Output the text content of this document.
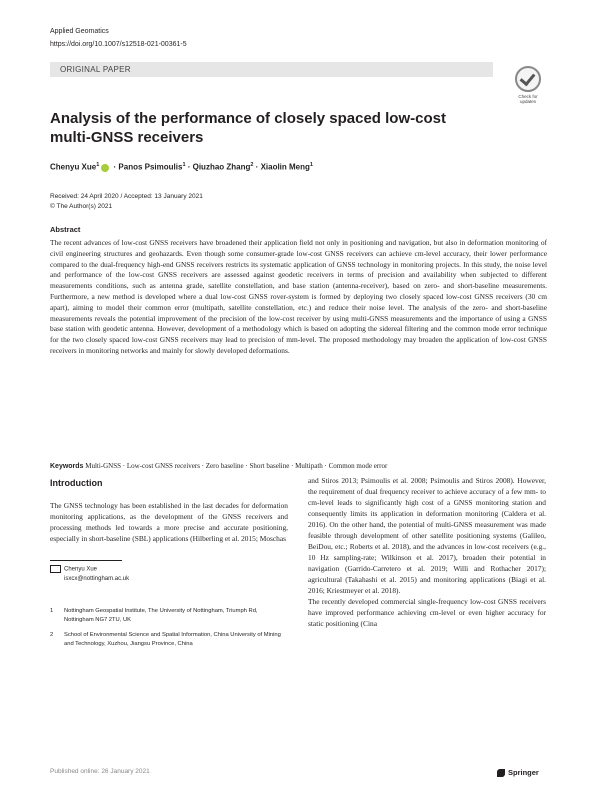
Applied Geomatics
https://doi.org/10.1007/s12518-021-00361-5
ORIGINAL PAPER
Check for updates
Analysis of the performance of closely spaced low-cost multi-GNSS receivers
Chenyu Xue$^1$ · Panos Psimoulis$^1$ · Qiuzhao Zhang$^2$ · Xiaolin Meng$^1$
Received: 24 April 2020 / Accepted: 13 January 2021
© The Author(s) 2021
Abstract
The recent advances of low-cost GNSS receivers have broadened their application field not only in positioning and navigation, but also in deformation monitoring of civil engineering structures and geohazards. Even though some consumer-grade low-cost GNSS receivers can achieve cm-level accuracy, their lower performance compared to the dual-frequency high-end GNSS receivers restricts its systematic application of GNSS technology in monitoring projects. In this study, the noise level and performance of the low-cost GNSS receivers are assessed against geodetic receivers in terms of precision and availability when subjected to different measurements conditions, such as antenna grade, satellite constellation, and base station (antenna-receiver), based on zero- and short-baseline measurements. Furthermore, a new method is developed where a dual low-cost GNSS rover-system is formed by deploying two closely spaced low-cost GNSS receivers (30 cm apart), aiming to model their common error (multipath, satellite constellation, etc.) and reduce their noise level. The analysis of the zero- and short-baseline measurements reveals the potential improvement of the precision of the low-cost receiver by using multi-GNSS measurements and the importance of using a GNSS base station with geodetic antenna. However, development of a methodology which is based on adopting the sidereal filtering and the common mode error technique for the two closely spaced low-cost GNSS receivers may lead to precision of mm-level. The proposed methodology may broaden the application of low-cost GNSS receivers in monitoring networks and mainly for slowly developed deformations.
Keywords Multi-GNSS · Low-cost GNSS receivers · Zero baseline · Short baseline · Multipath · Common mode error
Introduction
The GNSS technology has been established in the last decades for deformation monitoring applications, as the development of the GNSS receivers and processing methods led towards a more precise and accurate positioning, especially in short-baseline (SBL) applications (Hilberling et al. 2015; Moschas
Chenyu Xue
isxcx@nottingham.ac.uk
1 Nottingham Geospatial Institute, The University of Nottingham, Triumph Rd, Nottingham NG7 2TU, UK
2 School of Environmental Science and Spatial Information, China University of Mining and Technology, Xuzhou, Jiangsu Province, China
and Stiros 2013; Psimoulis et al. 2008; Psimoulis and Stiros 2008). However, the requirement of dual frequency receiver to achieve accuracy of a few mm- to cm-level leads to significantly high cost of a GNSS monitoring station and consequently limits its application in deformation monitoring (Caldera et al. 2016). On the other hand, the potential of multi-GNSS measurement was made feasible through development of other satellite positioning systems (Galileo, BeiDou, etc.; Roberts et al. 2018), and the advances in low-cost receivers (e.g., 10 Hz sampling-rate; Wilkinson et al. 2017), broaden their potential in navigation (Garrido-Carretero et al. 2019; Willi and Rothacher 2017); agricultural (Takahashi et al. 2015) and monitoring applications (Biagi et al. 2016; Kriestmeyer et al. 2018).
The recently developed commercial single-frequency low-cost GNSS receivers have improved performance achieving cm-level or even higher accuracy for static positioning (Cina
Published online: 26 January 2021	Springer
